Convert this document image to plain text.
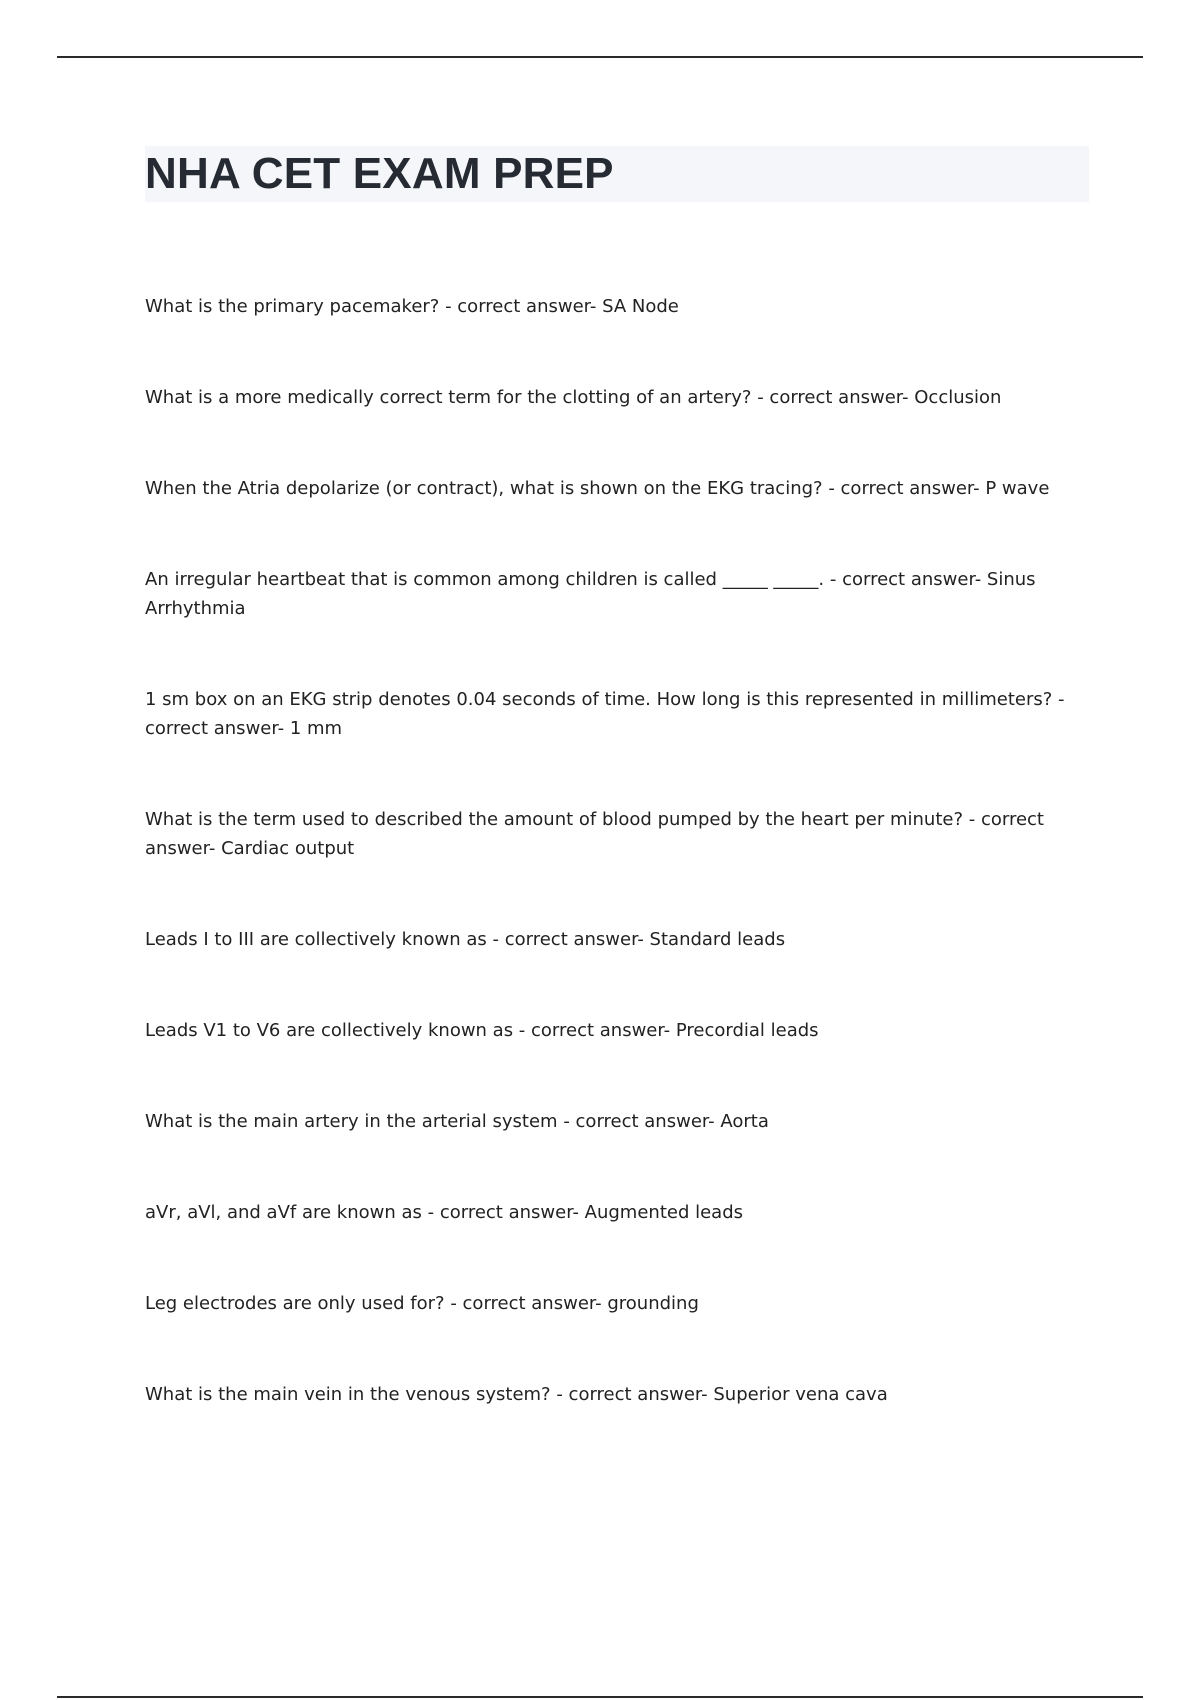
NHA CET EXAM PREP
What is the primary pacemaker? - correct answer- SA Node
What is a more medically correct term for the clotting of an artery? - correct answer- Occlusion
When the Atria depolarize (or contract), what is shown on the EKG tracing? - correct answer- P wave
An irregular heartbeat that is common among children is called _____ _____. - correct answer- Sinus Arrhythmia
1 sm box on an EKG strip denotes 0.04 seconds of time. How long is this represented in millimeters? - correct answer- 1 mm
What is the term used to described the amount of blood pumped by the heart per minute? - correct answer- Cardiac output
Leads I to III are collectively known as - correct answer- Standard leads
Leads V1 to V6 are collectively known as - correct answer- Precordial leads
What is the main artery in the arterial system - correct answer- Aorta
aVr, aVl, and aVf are known as - correct answer- Augmented leads
Leg electrodes are only used for? - correct answer- grounding
What is the main vein in the venous system? - correct answer- Superior vena cava
